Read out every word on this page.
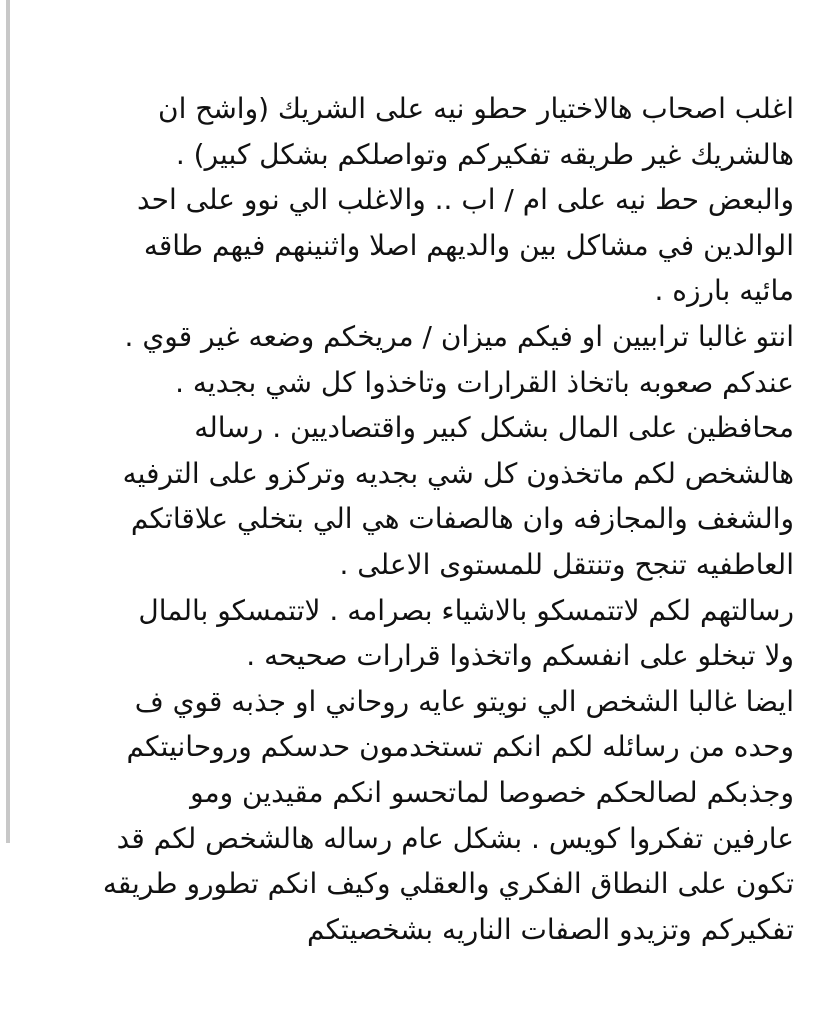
اغلب اصحاب هالاختيار حطو نيه على الشريك (واشح ان
هالشريك غير طريقه تفكيركم وتواصلكم بشكل كبير) .
والبعض حط نيه على ام / اب .. والاغلب الي نوو على احد
الوالدين في مشاكل بين والديهم اصلا واثنينهم فيهم طاقه
مائيه بارزه .
انتو غالبا ترابيين او فيكم ميزان / مريخكم وضعه غير قوي .
عندكم صعوبه باتخاذ القرارات وتاخذوا كل شي بجديه .
محافظين على المال بشكل كبير واقتصاديين . رساله
هالشخص لكم ماتخذون كل شي بجديه وتركزو على الترفيه
والشغف والمجازفه وان هالصفات هي الي بتخلي علاقاتكم
العاطفيه تنجح وتنتقل للمستوى الاعلى .
رسالتهم لكم لاتتمسكو بالاشياء بصرامه . لاتتمسكو بالمال
ولا تبخلو على انفسكم واتخذوا قرارات صحيحه .
ايضا غالبا الشخص الي نويتو عايه روحاني او جذبه قوي ف
وحده من رسائله لكم انكم تستخدمون حدسكم وروحانيتكم
وجذبكم لصالحكم خصوصا لماتحسو انكم مقيدين ومو
عارفين تفكروا كويس . بشكل عام رساله هالشخص لكم قد
تكون على النطاق الفكري والعقلي وكيف انكم تطورو طريقه
تفكيركم وتزيدو الصفات الناريه بشخصيتكم
